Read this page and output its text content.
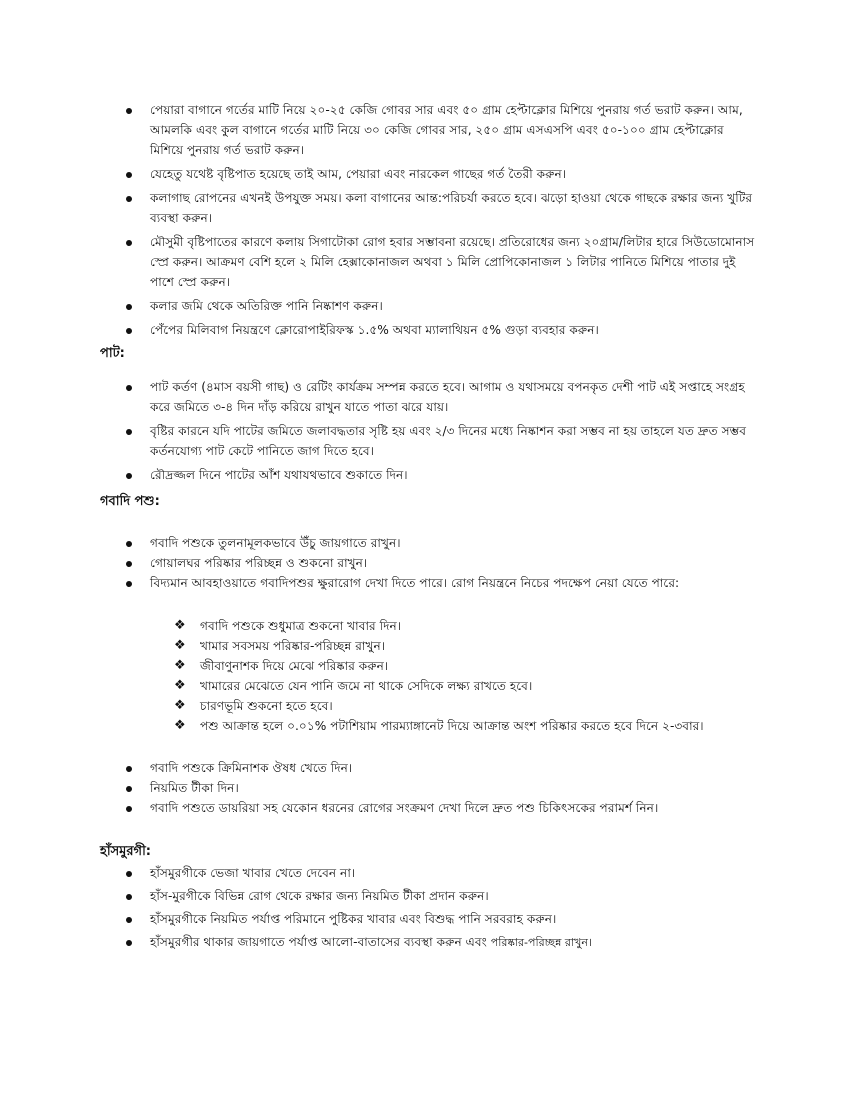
পেয়ারা বাগানে গর্তের মাটি নিয়ে ২০-২৫ কেজি গোবর সার এবং ৫০ গ্রাম হেপ্টাক্লোর মিশিয়ে পুনরায় গর্ত ভরাট করুন। আম, আমলকি এবং কুল বাগানে গর্তের মাটি নিয়ে ৩০ কেজি গোবর সার, ২৫০ গ্রাম এসএসপি এবং ৫০-১০০ গ্রাম হেপ্টাক্লোর মিশিয়ে পুনরায় গর্ত ভরাট করুন।
যেহেতু যথেষ্ট বৃষ্টিপাত হয়েছে তাই আম, পেয়ারা এবং নারকেল গাছের গর্ত তৈরী করুন।
কলাগাছ রোপনের এখনই উপযুক্ত সময়। কলা বাগানের আন্ত:পরিচর্যা করতে হবে। ঝড়ো হাওয়া থেকে গাছকে রক্ষার জন্য খুটির ব্যবস্থা করুন।
মৌসুমী বৃষ্টিপাতের কারণে কলায় সিগাটোকা রোগ হবার সম্ভাবনা রয়েছে। প্রতিরোধের জন্য ২০গ্রাম/লিটার হারে সিউডোমোনাস স্প্রে করুন। আক্রমণ বেশি হলে ২ মিলি হেক্সাকোনাজল অথবা ১ মিলি প্রোপিকোনাজল ১ লিটার পানিতে মিশিয়ে পাতার দুই পাশে স্প্রে করুন।
কলার জমি থেকে অতিরিক্ত পানি নিষ্কাশণ করুন।
পেঁপের মিলিবাগ নিয়ন্ত্রণে ক্লোরোপাইরিফস্ক ১.৫% অথবা ম্যালাথিয়ন ৫% গুড়া ব্যবহার করুন।
পাট:
পাট কর্তণ (৪মাস বয়সী গাছ) ও রেটিং কার্যক্রম সম্পন্ন করতে হবে। আগাম ও যথাসময়ে বপনকৃত দেশী পাট এই সপ্তাহে সংগ্রহ করে জমিতে ৩-৪ দিন দাঁড় করিয়ে রাখুন যাতে পাতা ঝরে যায়।
বৃষ্টির কারনে যদি পাটের জমিতে জলাবদ্ধতার সৃষ্টি হয় এবং ২/৩ দিনের মধ্যে নিষ্কাশন করা সম্ভব না হয় তাহলে যত দ্রুত সম্ভব কর্তনযোগ্য পাট কেটে পানিতে জাগ দিতে হবে।
রৌদ্রজ্জল দিনে পাটের আঁশ যথাযথভাবে শুকাতে দিন।
গবাদি পশু:
গবাদি পশুকে তুলনামূলকভাবে উঁচু জায়গাতে রাখুন।
গোয়ালঘর পরিষ্কার পরিচ্ছন্ন ও শুকনো রাখুন।
বিদ্যমান আবহাওয়াতে গবাদিপশুর ক্ষুরারোগ দেখা দিতে পারে। রোগ নিয়ন্ত্রনে নিচের পদক্ষেপ নেয়া যেতে পারে:
❖ গবাদি পশুকে শুধুমাত্র শুকনো খাবার দিন।
❖ খামার সবসময় পরিষ্কার-পরিচ্ছন্ন রাখুন।
❖ জীবাণুনাশক দিয়ে মেঝে পরিষ্কার করুন।
❖ খামারের মেঝেতে যেন পানি জমে না থাকে সেদিকে লক্ষ্য রাখতে হবে।
❖ চারণভূমি শুকনো হতে হবে।
❖ পশু আক্রান্ত হলে ০.০১% পটাশিয়াম পারম্যাঙ্গানেট দিয়ে আক্রান্ত অংশ পরিষ্কার করতে হবে দিনে ২-৩বার।
গবাদি পশুকে ক্রিমিনাশক ঔষধ খেতে দিন।
নিয়মিত টীকা দিন।
গবাদি পশুতে ডায়রিয়া সহ যেকোন ধরনের রোগের সংক্রমণ দেখা দিলে দ্রুত পশু চিকিৎসকের পরামর্শ নিন।
হাঁসমুরগী:
হাঁসমুরগীকে ভেজা খাবার খেতে দেবেন না।
হাঁস-মুরগীকে বিভিন্ন রোগ থেকে রক্ষার জন্য নিয়মিত টীকা প্রদান করুন।
হাঁসমুরগীকে নিয়মিত পর্যাপ্ত পরিমানে পুষ্টিকর খাবার এবং বিশুদ্ধ পানি সরবরাহ করুন।
হাঁসমুরগীর থাকার জায়গাতে পর্যাপ্ত আলো-বাতাসের ব্যবস্থা করুন এবং পরিষ্কার-পরিচ্ছন্ন রাখুন।
